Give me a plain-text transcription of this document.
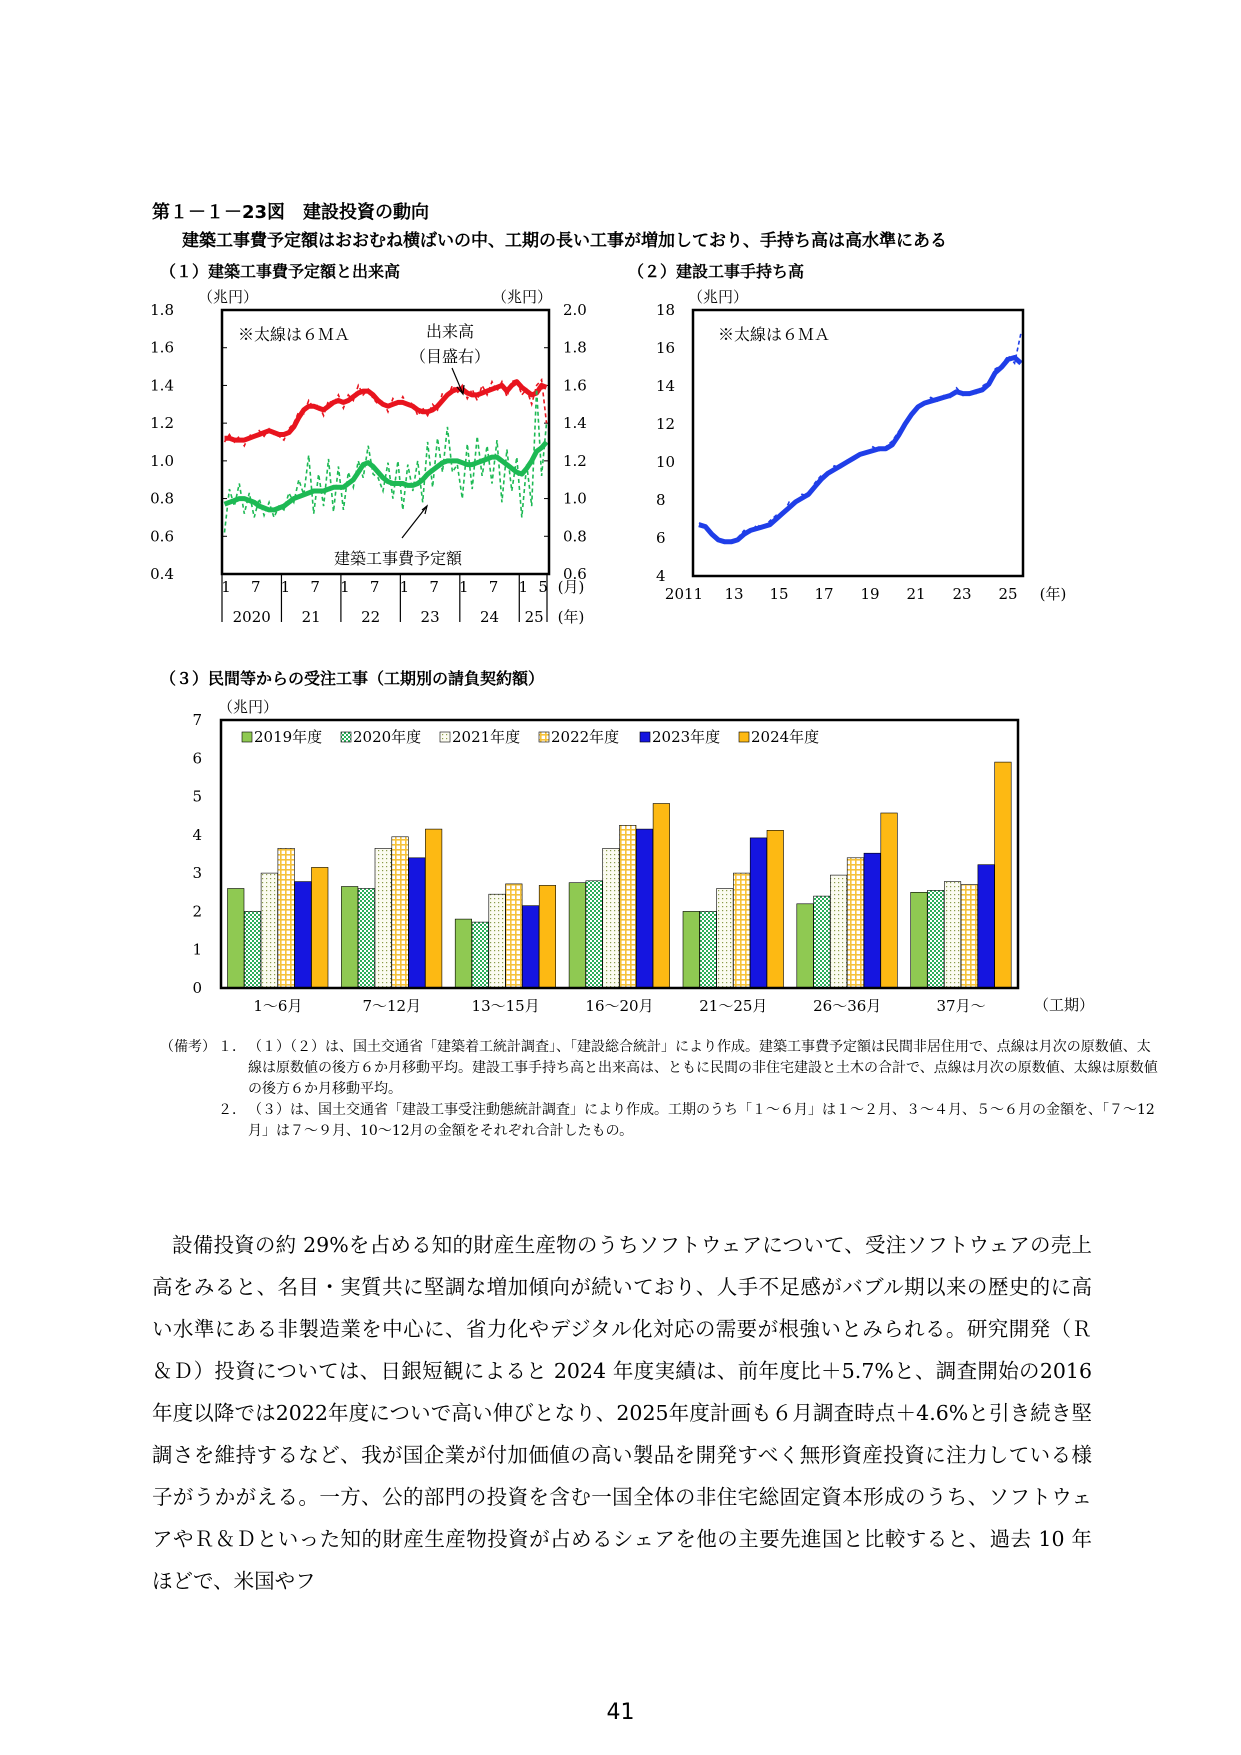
第１－１－23図　建設投資の動向
建築工事費予定額はおおむね横ばいの中、工期の長い工事が増加しており、手持ち高は高水準にある
（１）建築工事費予定額と出来高	（２）建設工事手持ち高
（３）民間等からの受注工事（工期別の請負契約額）
（兆円）	（兆円）
1.8
1.6
1.4
1.2
1.0
0.8
0.6
0.4
2.0
1.8
1.6
1.4
1.2
1.0
0.8
0.6
※太線は６ＭＡ	出来高
（目盛右）
建築工事費予定額
1 7 1 7 1 7 1 7 1 7 1 5
2020 21	22	23	24 25
(月)
(年)
（兆円）
18
16
14
12
10
8
6
4
※太線は６ＭＡ
2011 13 15 17 19 21 23 25 (年)
（兆円）
7
6
5
4
3
2
1
0
2019年度 2020年度 2021年度 2022年度 2023年度 2024年度
1～6月	7～12月	13～15月	16～20月	21～25月	26～36月	37月～	（工期）
（備考） １． （１）（２）は、国土交通省「建築着工統計調査」、「建設総合統計」により作成。建築工事費予定額は民間非居住用で、点線は月次の原数値、太線は原数値の後方６か月移動平均。建設工事手持ち高と出来高は、ともに民間の非住宅建設と土木の合計で、点線は月次の原数値、太線は原数値の後方６か月移動平均。
２． （３）は、国土交通省「建設工事受注動態統計調査」により作成。工期のうち「１～６月」は１～２月、３～４月、５～６月の金額を、「７～12月」は７～９月、10～12月の金額をそれぞれ合計したもの。
設備投資の約 29%を占める知的財産生産物のうちソフトウェアについて、受注ソフトウェアの売上高をみると、名目・実質共に堅調な増加傾向が続いており、人手不足感がバブル期以来の歴史的に高い水準にある非製造業を中心に、省力化やデジタル化対応の需要が根強いとみられる。研究開発（Ｒ＆Ｄ）投資については、日銀短観によると 2024 年度実績は、前年度比＋5.7%と、調査開始の2016年度以降では2022年度についで高い伸びとなり、2025年度計画も６月調査時点＋4.6%と引き続き堅調さを維持するなど、我が国企業が付加価値の高い製品を開発すべく無形資産投資に注力している様子がうかがえる。一方、公的部門の投資を含む一国全体の非住宅総固定資本形成のうち、ソフトウェアやＲ＆Ｄといった知的財産生産物投資が占めるシェアを他の主要先進国と比較すると、過去 10 年ほどで、米国やフ
41
